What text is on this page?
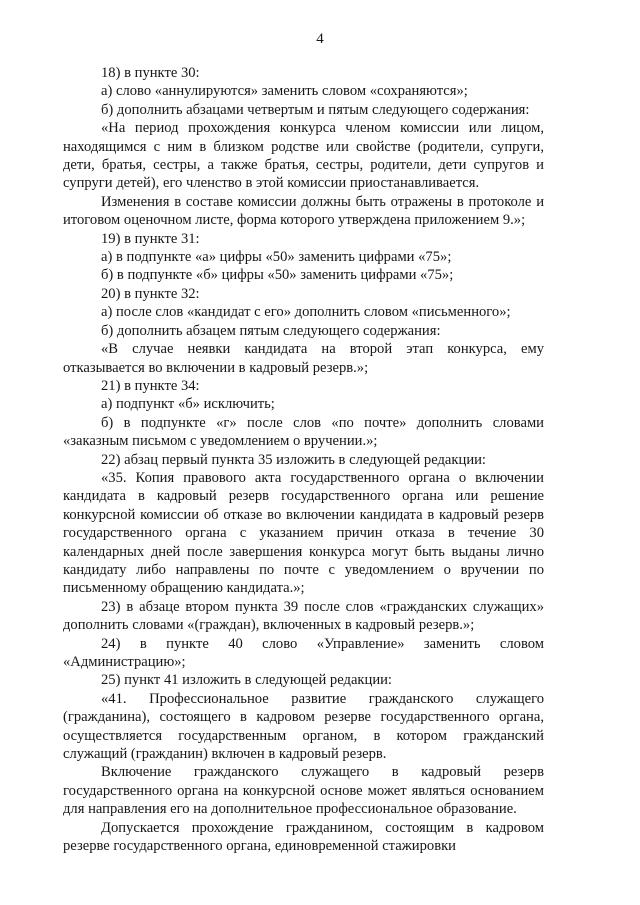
4

18) в пункте 30:

а) слово «аннулируются» заменить словом «сохраняются»;

б) дополнить абзацами четвертым и пятым следующего содержания:

«На период прохождения конкурса членом комиссии или лицом, находящимся с ним в близком родстве или свойстве (родители, супруги, дети, братья, сестры, а также братья, сестры, родители, дети супругов и супруги детей), его членство в этой комиссии приостанавливается.

Изменения в составе комиссии должны быть отражены в протоколе и итоговом оценочном листе, форма которого утверждена приложением 9.»;

19) в пункте 31:

а) в подпункте «а» цифры «50» заменить цифрами «75»;

б) в подпункте «б» цифры «50» заменить цифрами «75»;

20) в пункте 32:

а) после слов «кандидат с его» дополнить словом «письменного»;

б) дополнить абзацем пятым следующего содержания:

«В случае неявки кандидата на второй этап конкурса, ему отказывается во включении в кадровый резерв.»;

21) в пункте 34:

а) подпункт «б» исключить;

б) в подпункте «г» после слов «по почте» дополнить словами «заказным письмом с уведомлением о вручении.»;

22) абзац первый пункта 35 изложить в следующей редакции:

«35. Копия правового акта государственного органа о включении кандидата в кадровый резерв государственного органа или решение конкурсной комиссии об отказе во включении кандидата в кадровый резерв государственного органа с указанием причин отказа в течение 30 календарных дней после завершения конкурса могут быть выданы лично кандидату либо направлены по почте с уведомлением о вручении по письменному обращению кандидата.»;

23) в абзаце втором пункта 39 после слов «гражданских служащих» дополнить словами «(граждан), включенных в кадровый резерв.»;

24) в пункте 40 слово «Управление» заменить словом «Администрацию»;

25) пункт 41 изложить в следующей редакции:

«41. Профессиональное развитие гражданского служащего (гражданина), состоящего в кадровом резерве государственного органа, осуществляется государственным органом, в котором гражданский служащий (гражданин) включен в кадровый резерв.

Включение гражданского служащего в кадровый резерв государственного органа на конкурсной основе может являться основанием для направления его на дополнительное профессиональное образование.

Допускается прохождение гражданином, состоящим в кадровом резерве государственного органа, единовременной стажировки
